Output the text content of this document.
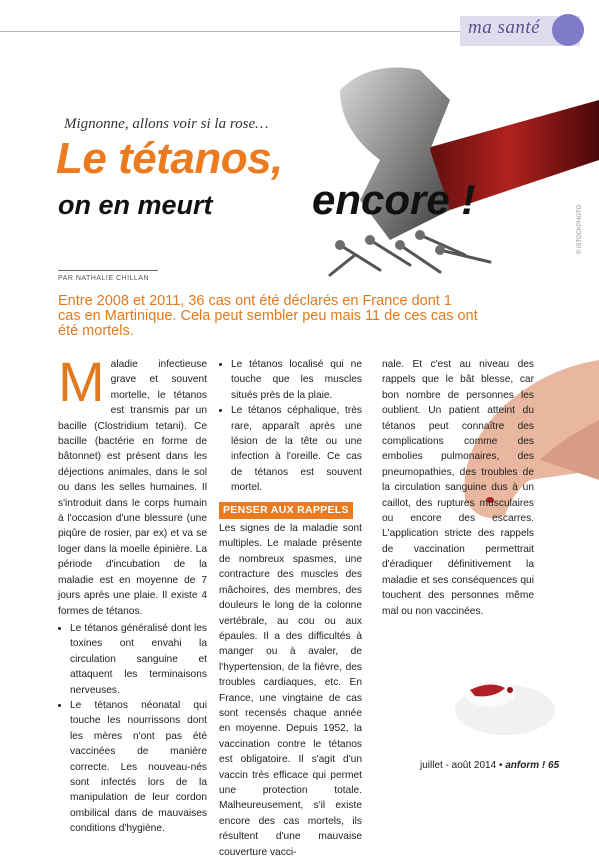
ma santé
Mignonne, allons voir si la rose…
Le tétanos,
on en meurt encore !
PAR NATHALIE CHILLAN
© iSTOCKPHOTO
Entre 2008 et 2011, 36 cas ont été déclarés en France dont 1 cas en Martinique. Cela peut sembler peu mais 11 de ces cas ont été mortels.
M aladie infectieuse grave et souvent mortelle, le tétanos est transmis par un bacille (Clostridium tetani). Ce bacille (bactérie en forme de bâtonnet) est présent dans les déjections animales, dans le sol ou dans les selles humaines. Il s'introduit dans le corps humain à l'occasion d'une blessure (une piqûre de rosier, par ex) et va se loger dans la moelle épinière. La période d'incubation de la maladie est en moyenne de 7 jours après une plaie. Il existe 4 formes de tétanos.
• Le tétanos généralisé dont les toxines ont envahi la circulation sanguine et attaquent les terminaisons nerveuses.
• Le tétanos néonatal qui touche les nourrissons dont les mères n'ont pas été vaccinées de manière correcte. Les nouveau-nés sont infectés lors de la manipulation de leur cordon ombilical dans de mauvaises conditions d'hygiène.
• Le tétanos localisé qui ne touche que les muscles situés près de la plaie.
• Le tétanos céphalique, très rare, apparaît après une lésion de la tête ou une infection à l'oreille. Ce cas de tétanos est souvent mortel.
PENSER AUX RAPPELS
Les signes de la maladie sont multiples. Le malade présente de nombreux spasmes, une contracture des muscles des mâchoires, des membres, des douleurs le long de la colonne vertébrale, au cou ou aux épaules. Il a des difficultés à manger ou à avaler, de l'hypertension, de la fièvre, des troubles cardiaques, etc. En France, une vingtaine de cas sont recensés chaque année en moyenne. Depuis 1952, la vaccination contre le tétanos est obligatoire. Il s'agit d'un vaccin très efficace qui permet une protection totale. Malheureusement, s'il existe encore des cas mortels, ils résultent d'une mauvaise couverture vacci-
nale. Et c'est au niveau des rappels que le bât blesse, car bon nombre de personnes les oublient. Un patient atteint du tétanos peut connaître des complications comme des embolies pulmonaires, des pneumopathies, des troubles de la circulation sanguine dus à un caillot, des ruptures musculaires ou encore des escarres. L'application stricte des rappels de vaccination permettrait d'éradiquer définitivement la maladie et ses conséquences qui touchent des personnes même mal ou non vaccinées.
juillet - août 2014 • anform ! 65
